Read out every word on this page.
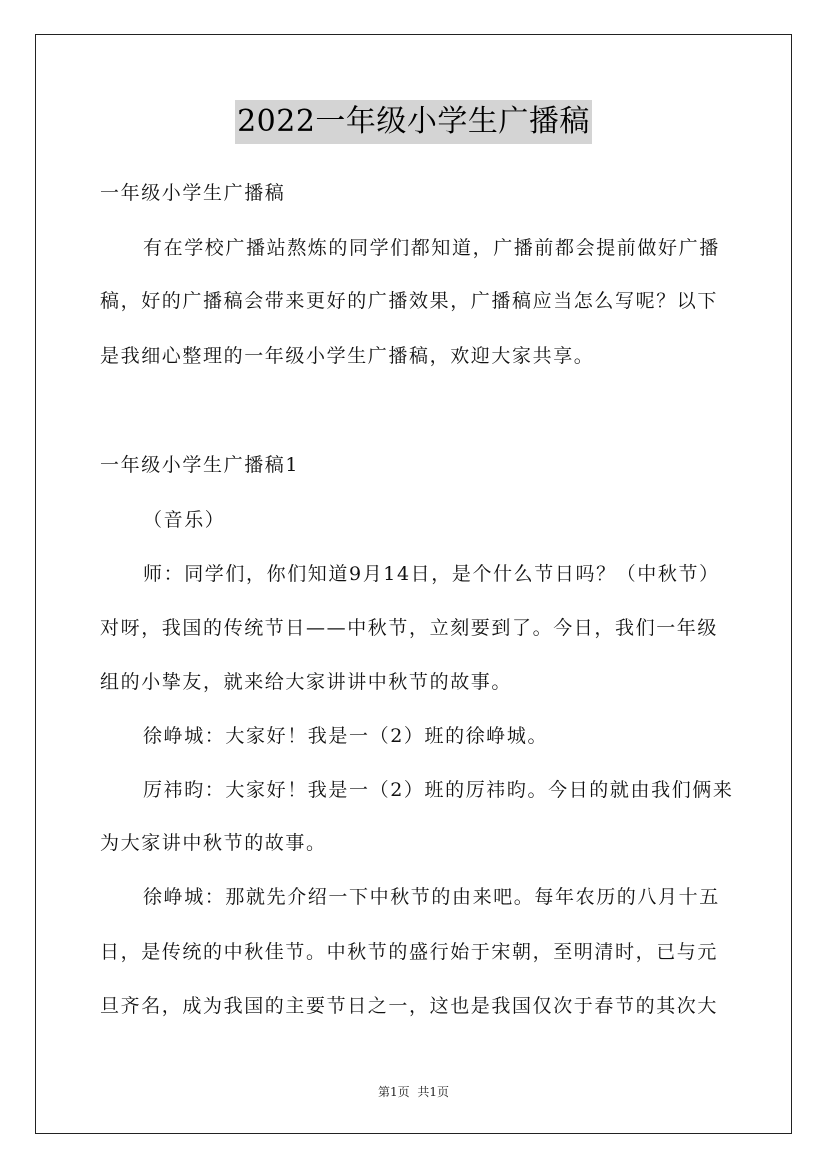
2022一年级小学生广播稿
一年级小学生广播稿
有在学校广播站熬炼的同学们都知道，广播前都会提前做好广播
稿，好的广播稿会带来更好的广播效果，广播稿应当怎么写呢？以下
是我细心整理的一年级小学生广播稿，欢迎大家共享。
一年级小学生广播稿1
（音乐）
师：同学们，你们知道9月14日，是个什么节日吗？（中秋节）
对呀，我国的传统节日——中秋节，立刻要到了。今日，我们一年级
组的小挚友，就来给大家讲讲中秋节的故事。
徐峥城：大家好！我是一（2）班的徐峥城。
厉祎昀：大家好！我是一（2）班的厉祎昀。今日的就由我们俩来
为大家讲中秋节的故事。
徐峥城：那就先介绍一下中秋节的由来吧。每年农历的八月十五
日，是传统的中秋佳节。中秋节的盛行始于宋朝，至明清时，已与元
旦齐名，成为我国的主要节日之一，这也是我国仅次于春节的其次大
第1页 共1页
